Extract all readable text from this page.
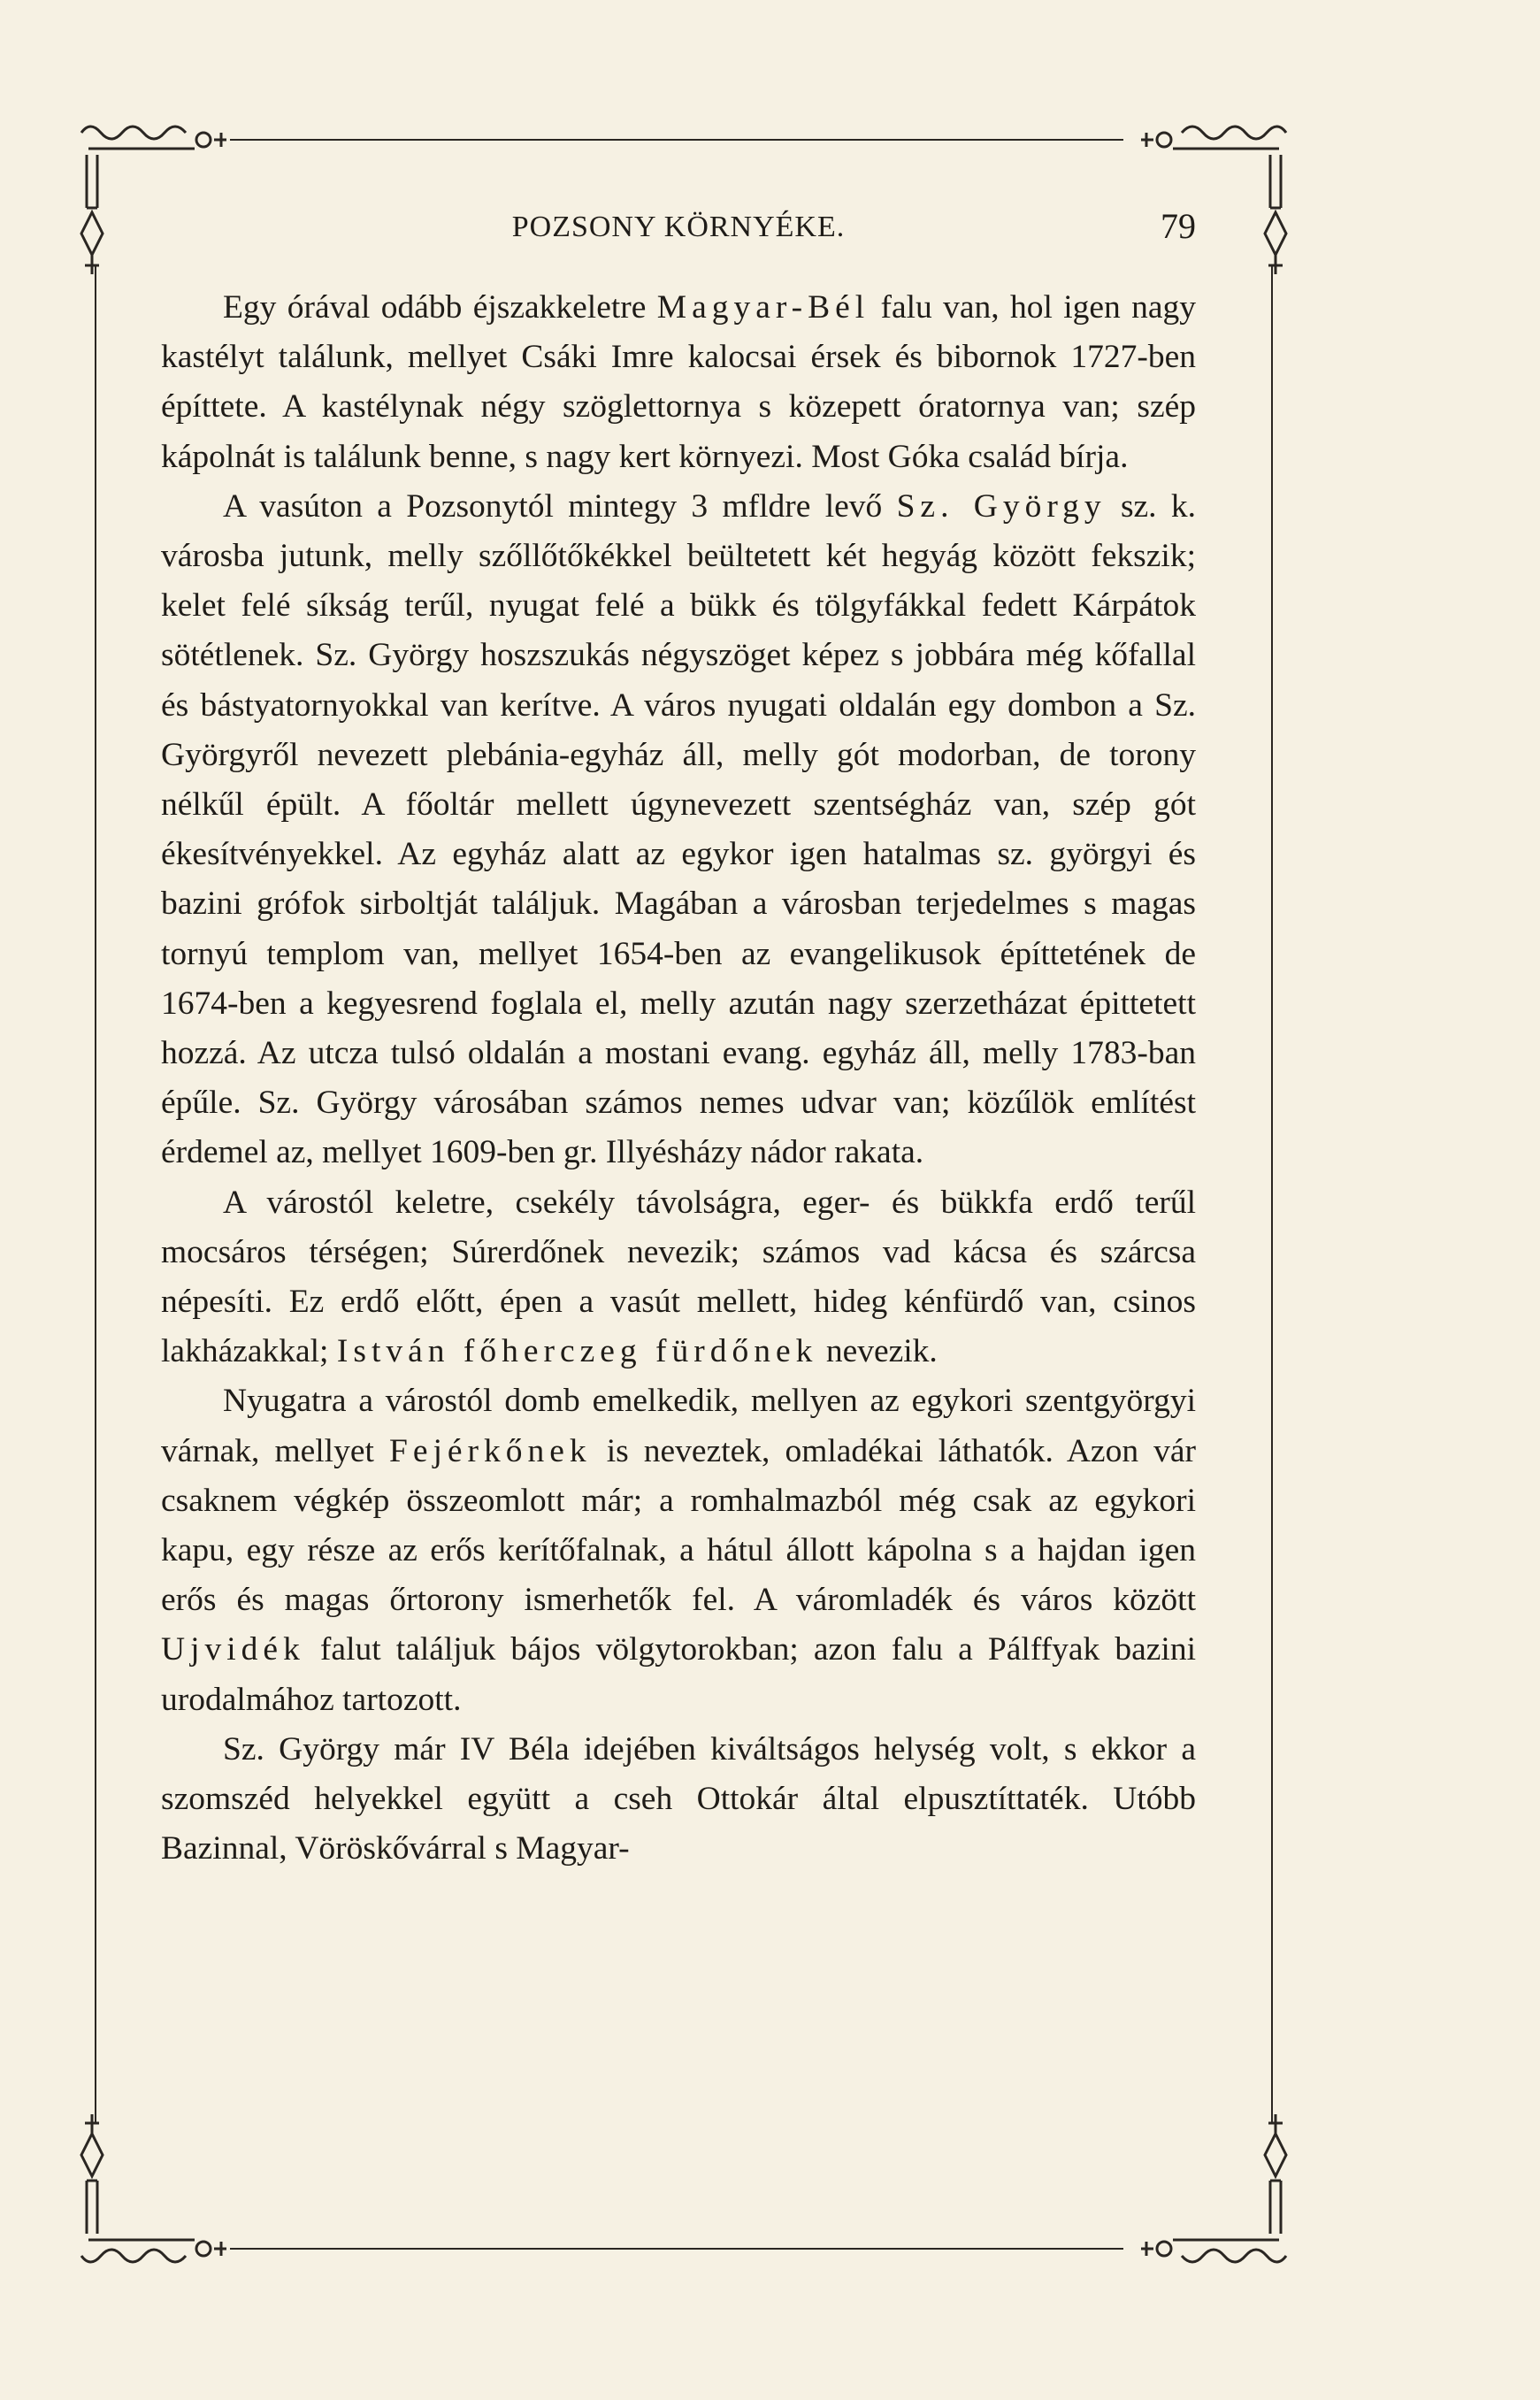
POZSONY KÖRNYÉKE.	79

Egy órával odább éjszakkeletre Magyar-Bél falu van, hol igen nagy kastélyt találunk, mellyet Csáki Imre kalocsai érsek és bibornok 1727-ben építtete. A kastélynak négy szöglettornya s közepett óratornya van; szép kápolnát is találunk benne, s nagy kert környezi. Most Góka család bírja.

A vasúton a Pozsonytól mintegy 3 mfldre levő Sz. György sz. k. városba jutunk, melly szőllőtőkékkel beültetett két hegyág között fekszik; kelet felé síkság terűl, nyugat felé a bükk és tölgyfákkal fedett Kárpátok sötétlenek. Sz. György hoszszukás négyszöget képez s jobbára még kőfallal és bástyatornyokkal van kerítve. A város nyugati oldalán egy dombon a Sz. Györgyről nevezett plebánia-egyház áll, melly gót modorban, de torony nélkűl épült. A főoltár mellett úgynevezett szentségház van, szép gót ékesítvényekkel. Az egyház alatt az egykor igen hatalmas sz. györgyi és bazini grófok sirboltját találjuk. Magában a városban terjedelmes s magas tornyú templom van, mellyet 1654-ben az evangelikusok építtetének de 1674-ben a kegyesrend foglala el, melly azután nagy szerzetházat épittetett hozzá. Az utcza tulsó oldalán a mostani evang. egyház áll, melly 1783-ban épűle. Sz. György városában számos nemes udvar van; közűlök említést érdemel az, mellyet 1609-ben gr. Illyésházy nádor rakata.

A várostól keletre, csekély távolságra, eger- és bükkfa erdő terűl mocsáros térségen; Súrerdőnek nevezik; számos vad kácsa és szárcsa népesíti. Ez erdő előtt, épen a vasút mellett, hideg kénfürdő van, csinos lakházakkal; István főherczeg fürdőnek nevezik.

Nyugatra a várostól domb emelkedik, mellyen az egykori szentgyörgyi várnak, mellyet Fejérkőnek is neveztek, omladékai láthatók. Azon vár csaknem végkép összeomlott már; a romhalmazból még csak az egykori kapu, egy része az erős kerítőfalnak, a hátul állott kápolna s a hajdan igen erős és magas őrtorony ismerhetők fel. A váromladék és város között Ujvidék falut találjuk bájos völgytorokban; azon falu a Pálffyak bazini urodalmához tartozott.

Sz. György már IV Béla idejében kiváltságos helység volt, s ekkor a szomszéd helyekkel együtt a cseh Ottokár által elpusztíttaték. Utóbb Bazinnal, Vöröskővárral s Magyar-
